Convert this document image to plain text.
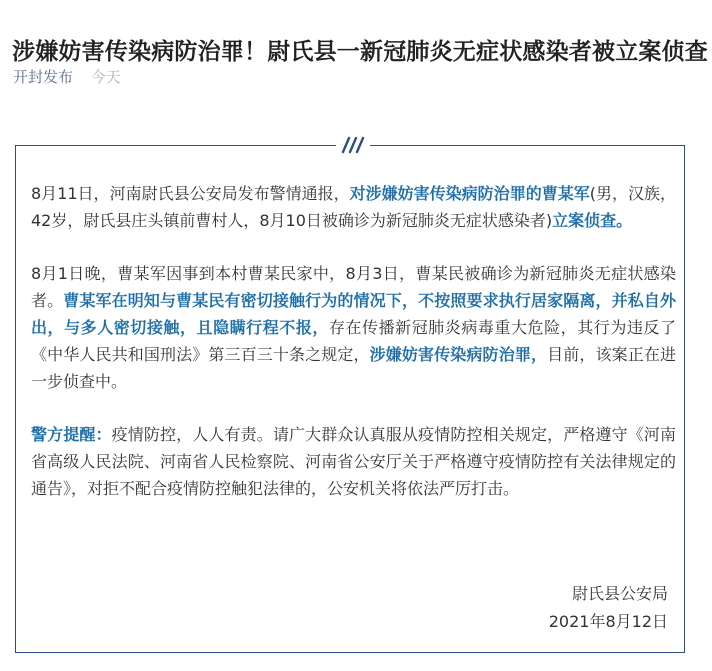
涉嫌妨害传染病防治罪！尉氏县一新冠肺炎无症状感染者被立案侦查
开封发布 今天

8月11日，河南尉氏县公安局发布警情通报，对涉嫌妨害传染病防治罪的曹某军(男，汉族，42岁，尉氏县庄头镇前曹村人，8月10日被确诊为新冠肺炎无症状感染者)立案侦查。

8月1日晚，曹某军因事到本村曹某民家中，8月3日，曹某民被确诊为新冠肺炎无症状感染者。曹某军在明知与曹某民有密切接触行为的情况下，不按照要求执行居家隔离，并私自外出，与多人密切接触，且隐瞒行程不报，存在传播新冠肺炎病毒重大危险，其行为违反了《中华人民共和国刑法》第三百三十条之规定，涉嫌妨害传染病防治罪，目前，该案正在进一步侦查中。

警方提醒：疫情防控，人人有责。请广大群众认真服从疫情防控相关规定，严格遵守《河南省高级人民法院、河南省人民检察院、河南省公安厅关于严格遵守疫情防控有关法律规定的通告》，对拒不配合疫情防控触犯法律的，公安机关将依法严厉打击。

尉氏县公安局
2021年8月12日
